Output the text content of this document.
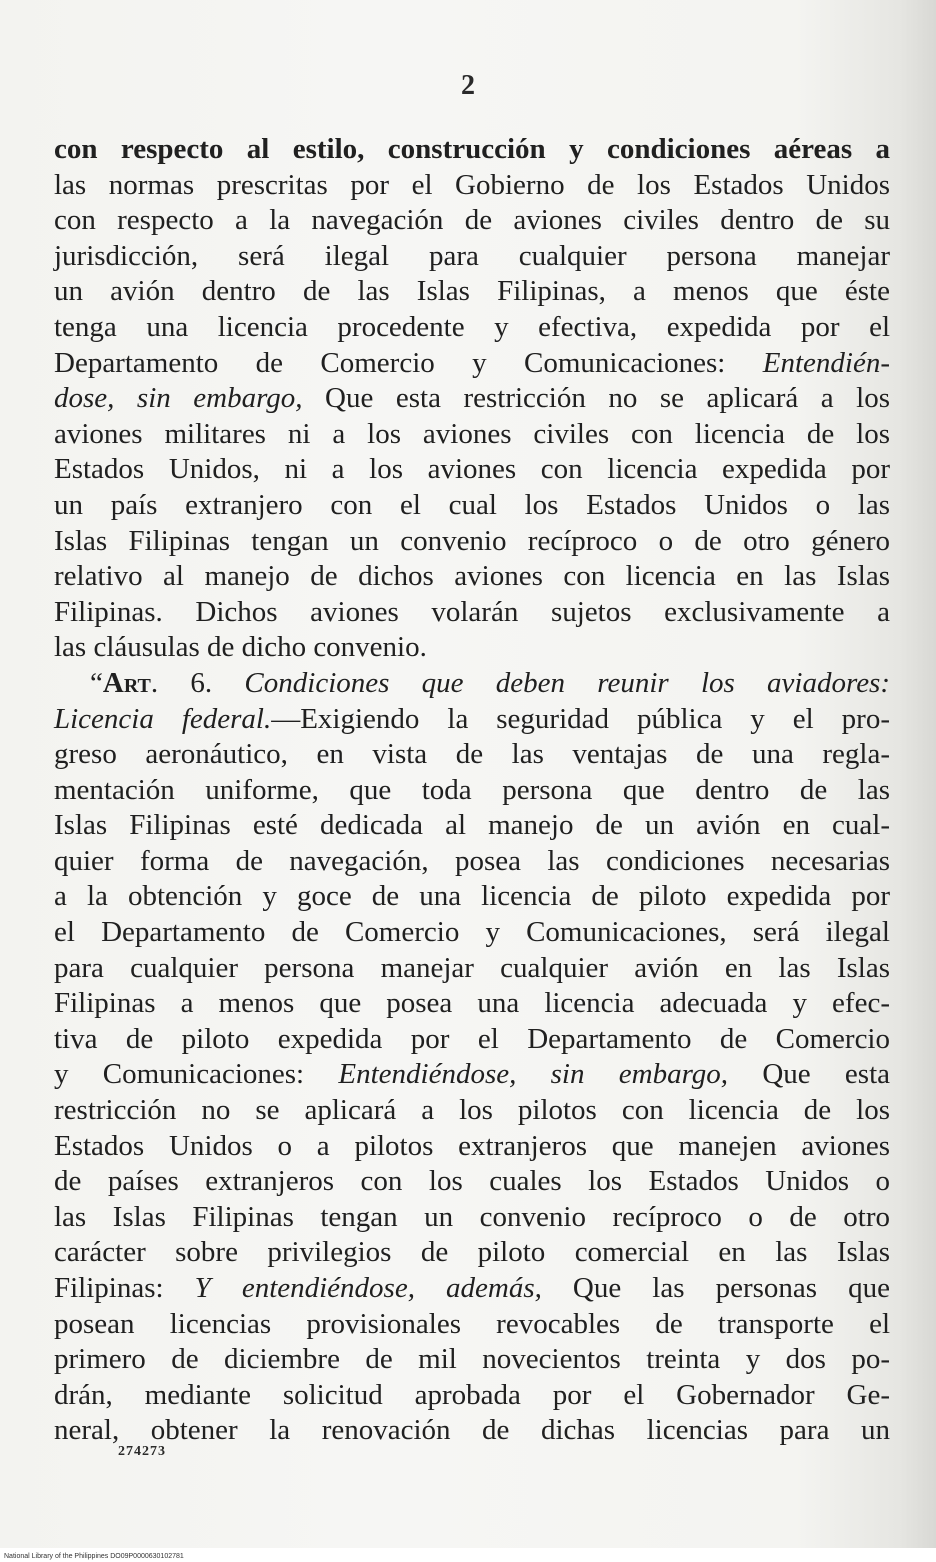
2
con respecto al estilo, construcción y condiciones aéreas a
las normas prescritas por el Gobierno de los Estados Unidos
con respecto a la navegación de aviones civiles dentro de su
jurisdicción, será ilegal para cualquier persona manejar
un avión dentro de las Islas Filipinas, a menos que éste
tenga una licencia procedente y efectiva, expedida por el
Departamento de Comercio y Comunicaciones: Entendién-
dose, sin embargo, Que esta restricción no se aplicará a los
aviones militares ni a los aviones civiles con licencia de los
Estados Unidos, ni a los aviones con licencia expedida por
un país extranjero con el cual los Estados Unidos o las
Islas Filipinas tengan un convenio recíproco o de otro género
relativo al manejo de dichos aviones con licencia en las Islas
Filipinas. Dichos aviones volarán sujetos exclusivamente a
las cláusulas de dicho convenio.
“Art. 6. Condiciones que deben reunir los aviadores:
Licencia federal.—Exigiendo la seguridad pública y el pro-
greso aeronáutico, en vista de las ventajas de una regla-
mentación uniforme, que toda persona que dentro de las
Islas Filipinas esté dedicada al manejo de un avión en cual-
quier forma de navegación, posea las condiciones necesarias
a la obtención y goce de una licencia de piloto expedida por
el Departamento de Comercio y Comunicaciones, será ilegal
para cualquier persona manejar cualquier avión en las Islas
Filipinas a menos que posea una licencia adecuada y efec-
tiva de piloto expedida por el Departamento de Comercio
y Comunicaciones: Entendiéndose, sin embargo, Que esta
restricción no se aplicará a los pilotos con licencia de los
Estados Unidos o a pilotos extranjeros que manejen aviones
de países extranjeros con los cuales los Estados Unidos o
las Islas Filipinas tengan un convenio recíproco o de otro
carácter sobre privilegios de piloto comercial en las Islas
Filipinas: Y entendiéndose, además, Que las personas que
posean licencias provisionales revocables de transporte el
primero de diciembre de mil novecientos treinta y dos po-
drán, mediante solicitud aprobada por el Gobernador Ge-
neral, obtener la renovación de dichas licencias para un
274273
National Library of the Philippines DO09P0000630102781
